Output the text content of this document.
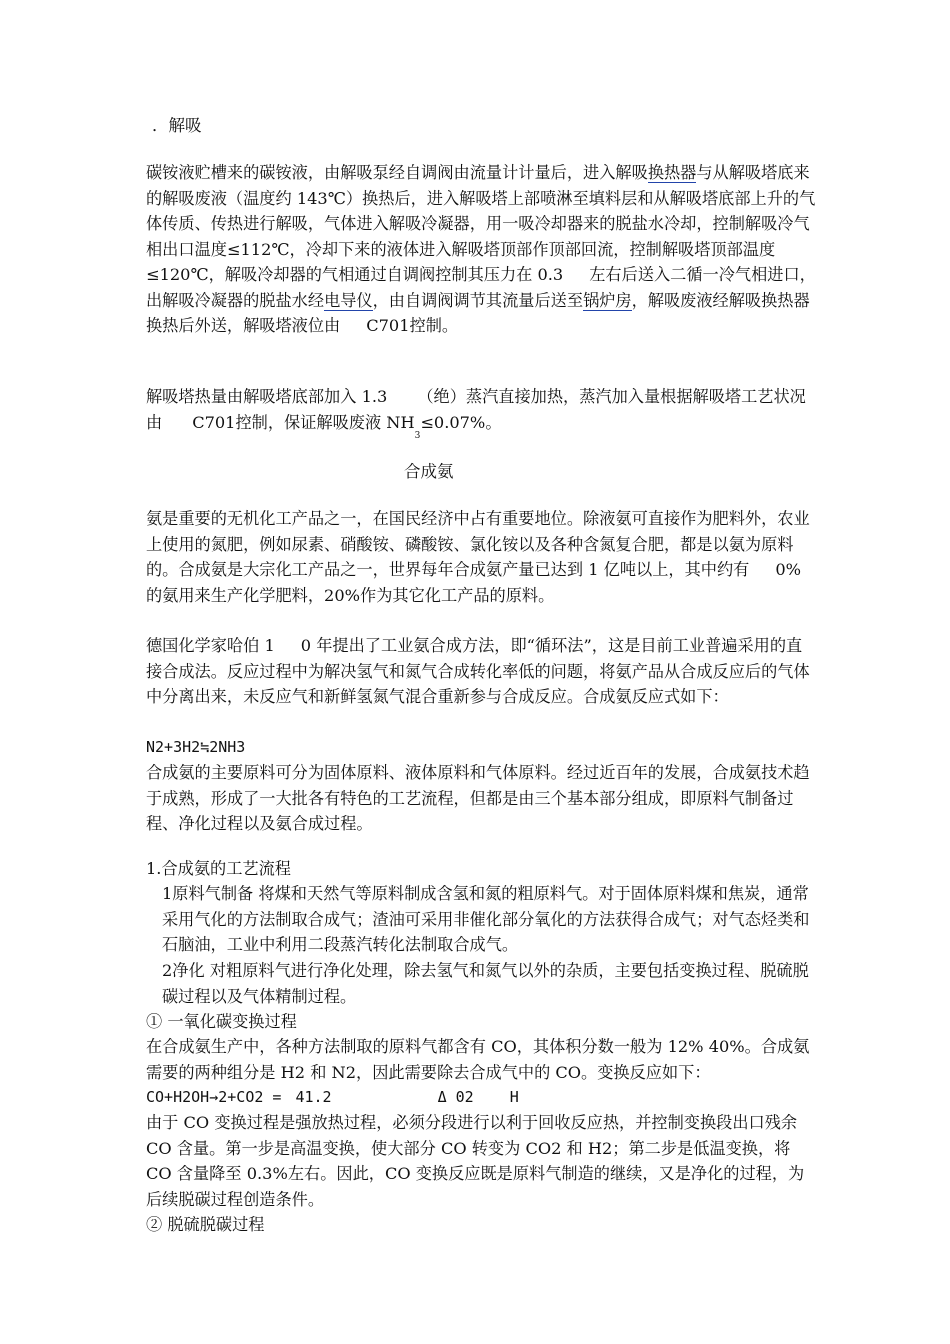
．解吸

碳铵液贮槽来的碳铵液，由解吸泵经自调阀由流量计计量后，进入解吸换热器与从解吸塔底来的解吸废液（温度约 143℃）换热后，进入解吸塔上部喷淋至填料层和从解吸塔底部上升的气体传质、传热进行解吸，气体进入解吸冷凝器，用一吸冷却器来的脱盐水冷却，控制解吸冷气相出口温度≤112℃，冷却下来的液体进入解吸塔顶部作顶部回流，控制解吸塔顶部温度≤120℃，解吸冷却器的气相通过自调阀控制其压力在 0.3 左右后送入二循一冷气相进口，出解吸冷凝器的脱盐水经电导仪，由自调阀调节其流量后送至锅炉房，解吸废液经解吸换热器换热后外送，解吸塔液位由 C701控制。

解吸塔热量由解吸塔底部加入 1.3 （绝）蒸汽直接加热，蒸汽加入量根据解吸塔工艺状况由 C701控制，保证解吸废液 $NH_3\le 0.07\%$。

合成氨

氨是重要的无机化工产品之一，在国民经济中占有重要地位。除液氨可直接作为肥料外，农业上使用的氮肥，例如尿素、硝酸铵、磷酸铵、氯化铵以及各种含氮复合肥，都是以氨为原料的。合成氨是大宗化工产品之一，世界每年合成氨产量已达到 1 亿吨以上，其中约有 0%的氨用来生产化学肥料，20%作为其它化工产品的原料。

德国化学家哈伯 1 0 年提出了工业氨合成方法，即“循环法”，这是目前工业普遍采用的直接合成法。反应过程中为解决氢气和氮气合成转化率低的问题，将氨产品从合成反应后的气体中分离出来，未反应气和新鲜氢氮气混合重新参与合成反应。合成氨反应式如下：

N2+3H2≒2NH3

合成氨的主要原料可分为固体原料、液体原料和气体原料。经过近百年的发展，合成氨技术趋于成熟，形成了一大批各有特色的工艺流程，但都是由三个基本部分组成，即原料气制备过程、净化过程以及氨合成过程。

1.合成氨的工艺流程

1原料气制备 将煤和天然气等原料制成含氢和氮的粗原料气。对于固体原料煤和焦炭，通常采用气化的方法制取合成气；渣油可采用非催化部分氧化的方法获得合成气；对气态烃类和石脑油，工业中利用二段蒸汽转化法制取合成气。

2净化 对粗原料气进行净化处理，除去氢气和氮气以外的杂质，主要包括变换过程、脱硫脱碳过程以及气体精制过程。

① 一氧化碳变换过程

在合成氨生产中，各种方法制取的原料气都含有 CO，其体积分数一般为 12% 40%。合成氨需要的两种组分是 H2 和 N2，因此需要除去合成气中的 CO。变换反应如下：

CO+H2OH→2+CO2 = 41.2	Δ 02 H

由于 CO 变换过程是强放热过程，必须分段进行以利于回收反应热，并控制变换段出口残余 CO 含量。第一步是高温变换，使大部分 CO 转变为 CO2 和 H2；第二步是低温变换，将 CO 含量降至 0.3%左右。因此，CO 变换反应既是原料气制造的继续，又是净化的过程，为后续脱碳过程创造条件。

② 脱硫脱碳过程
